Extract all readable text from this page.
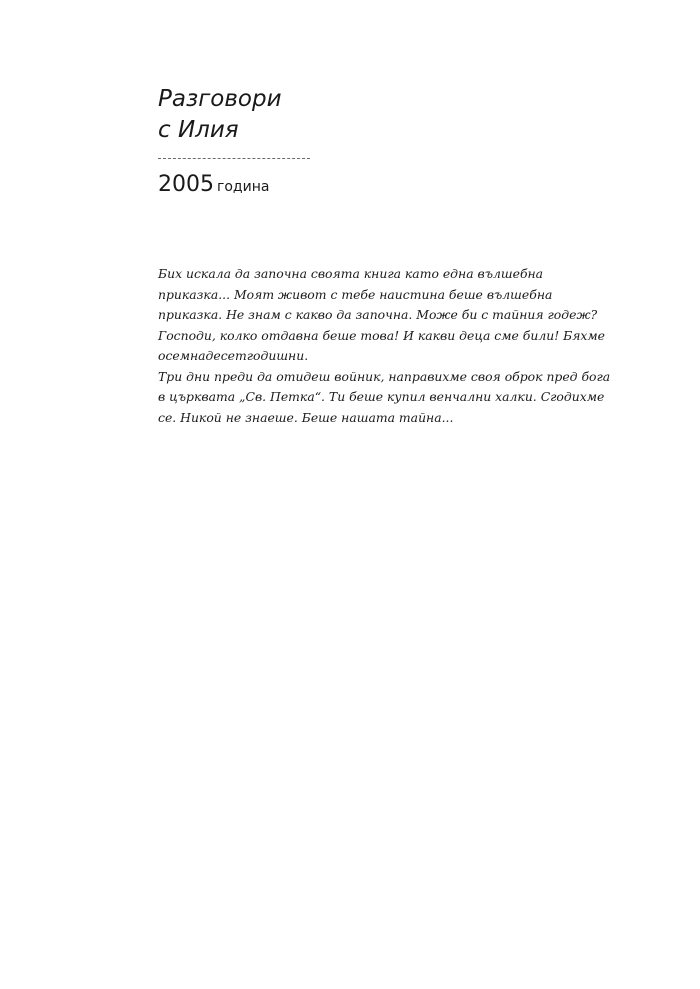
Разговори
с Илия
2005 година
Бих искала да започна своята книга като една вълшебна
приказка... Моят живот с тебе наистина беше вълшебна
приказка. Не знам с какво да започна. Може би с тайния годеж?
Господи, колко отдавна беше това! И какви деца сме били! Бяхме
осемнадесетгодишни.
Три дни преди да отидеш войник, направихме своя оброк пред бога
в църквата „Св. Петка“. Ти беше купил венчални халки. Сгодихме
се. Никой не знаеше. Беше нашата тайна...
